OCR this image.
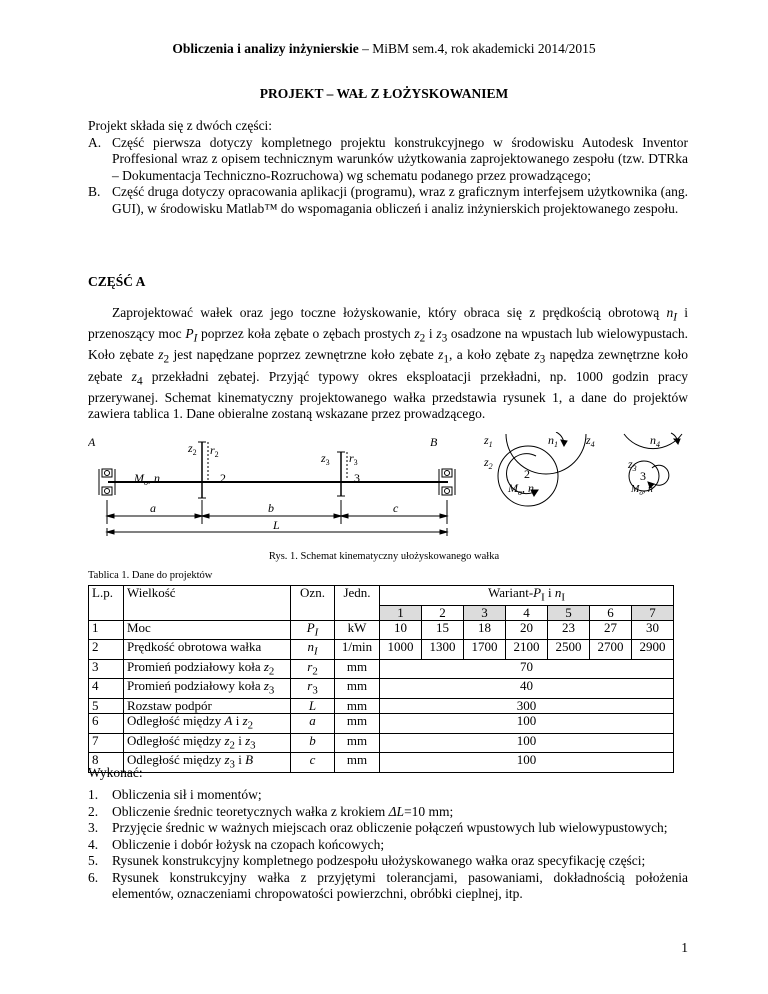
Obliczenia i analizy inżynierskie – MiBM sem.4, rok akademicki 2014/2015
PROJEKT – WAŁ Z ŁOŻYSKOWANIEM
Projekt składa się z dwóch części:
A. Część pierwsza dotyczy kompletnego projektu konstrukcyjnego w środowisku Autodesk Inventor Proffesional wraz z opisem technicznym warunków użytkowania zaprojektowanego zespołu (tzw. DTRka – Dokumentacja Techniczno-Rozruchowa) wg schematu podanego przez prowadzącego;
B. Część druga dotyczy opracowania aplikacji (programu), wraz z graficznym interfejsem użytkownika (ang. GUI), w środowisku Matlab™ do wspomagania obliczeń i analiz inżynierskich projektowanego zespołu.
CZĘŚĆ A
Zaprojektować wałek oraz jego toczne łożyskowanie, który obraca się z prędkością obrotową $n_I$ i przenoszący moc $P_I$ poprzez koła zębate o zębach prostych $z_2$ i $z_3$ osadzone na wpustach lub wielowypustach. Koło zębate $z_2$ jest napędzane poprzez zewnętrzne koło zębate $z_1$, a koło zębate $z_3$ napędza zewnętrzne koło zębate $z_4$ przekładni zębatej. Przyjąć typowy okres eksploatacji przekładni, np. 1000 godzin pracy przerywanej. Schemat kinematyczny projektowanego wałka przedstawia rysunek 1, a dane do projektów zawiera tablica 1. Dane obieralne zostaną wskazane przez prowadzącego.
A	B
$z_2$ $r_2$	$z_3$ $r_3$
2	3
$M_o$, n
a	b	c
L
$z_1$
$z_2$
$n_1$
2
$M_o$, n
$z_4$	$n_4$
$z_3$
3
$M_o$, n
Rys. 1. Schemat kinematyczny ułożyskowanego wałka
Tablica 1. Dane do projektów
L.p.	Wielkość	Ozn.	Jedn.	Wariant-$P_I$ i $n_I$
				1	2	3	4	5	6	7
1	Moc	$P_I$	kW	10	15	18	20	23	27	30
2	Prędkość obrotowa wałka	$n_I$	1/min	1000	1300	1700	2100	2500	2700	2900
3	Promień podziałowy koła $z_2$	$r_2$	mm	70						
4	Promień podziałowy koła $z_3$	$r_3$	mm	40						
5	Rozstaw podpór	L	mm	300						
6	Odległość między A i $z_2$	a	mm	100						
7	Odległość między $z_2$ i $z_3$	b	mm	100						
8	Odległość między $z_3$ i B	c	mm	100						
Wykonać:
1. Obliczenia sił i momentów;
2. Obliczenie średnic teoretycznych wałka z krokiem ΔL=10 mm;
3. Przyjęcie średnic w ważnych miejscach oraz obliczenie połączeń wpustowych lub wielowypustowych;
4. Obliczenie i dobór łożysk na czopach końcowych;
5. Rysunek konstrukcyjny kompletnego podzespołu ułożyskowanego wałka oraz specyfikację części;
6. Rysunek konstrukcyjny wałka z przyjętymi tolerancjami, pasowaniami, dokładnością położenia elementów, oznaczeniami chropowatości powierzchni, obróbki cieplnej, itp.
1
